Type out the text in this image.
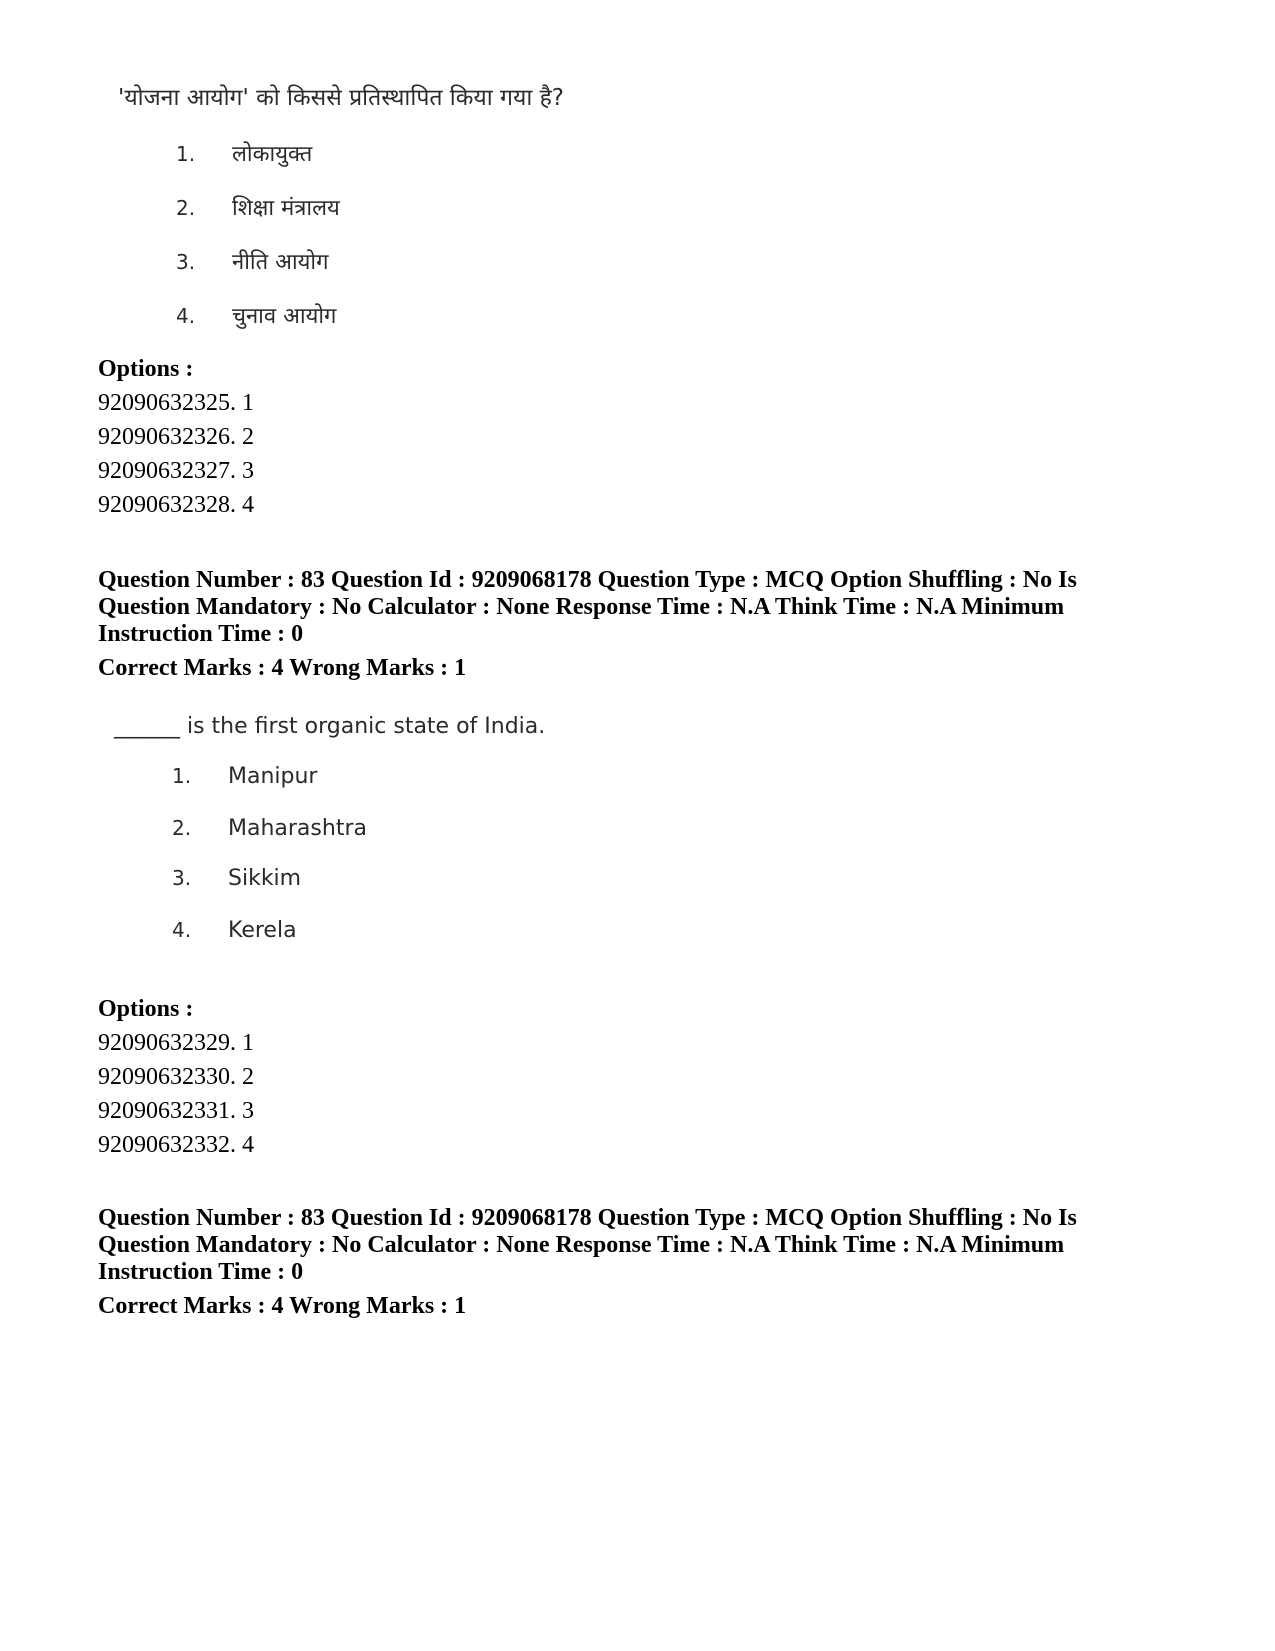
'योजना आयोग' को किससे प्रतिस्थापित किया गया है?
1. लोकायुक्त
2. शिक्षा मंत्रालय
3. नीति आयोग
4. चुनाव आयोग
Options :
92090632325. 1
92090632326. 2
92090632327. 3
92090632328. 4
Question Number : 83 Question Id : 9209068178 Question Type : MCQ Option Shuffling : No Is
Question Mandatory : No Calculator : None Response Time : N.A Think Time : N.A Minimum
Instruction Time : 0
Correct Marks : 4 Wrong Marks : 1
______ is the first organic state of India.
1. Manipur
2. Maharashtra
3. Sikkim
4. Kerela
Options :
92090632329. 1
92090632330. 2
92090632331. 3
92090632332. 4
Question Number : 83 Question Id : 9209068178 Question Type : MCQ Option Shuffling : No Is
Question Mandatory : No Calculator : None Response Time : N.A Think Time : N.A Minimum
Instruction Time : 0
Correct Marks : 4 Wrong Marks : 1
